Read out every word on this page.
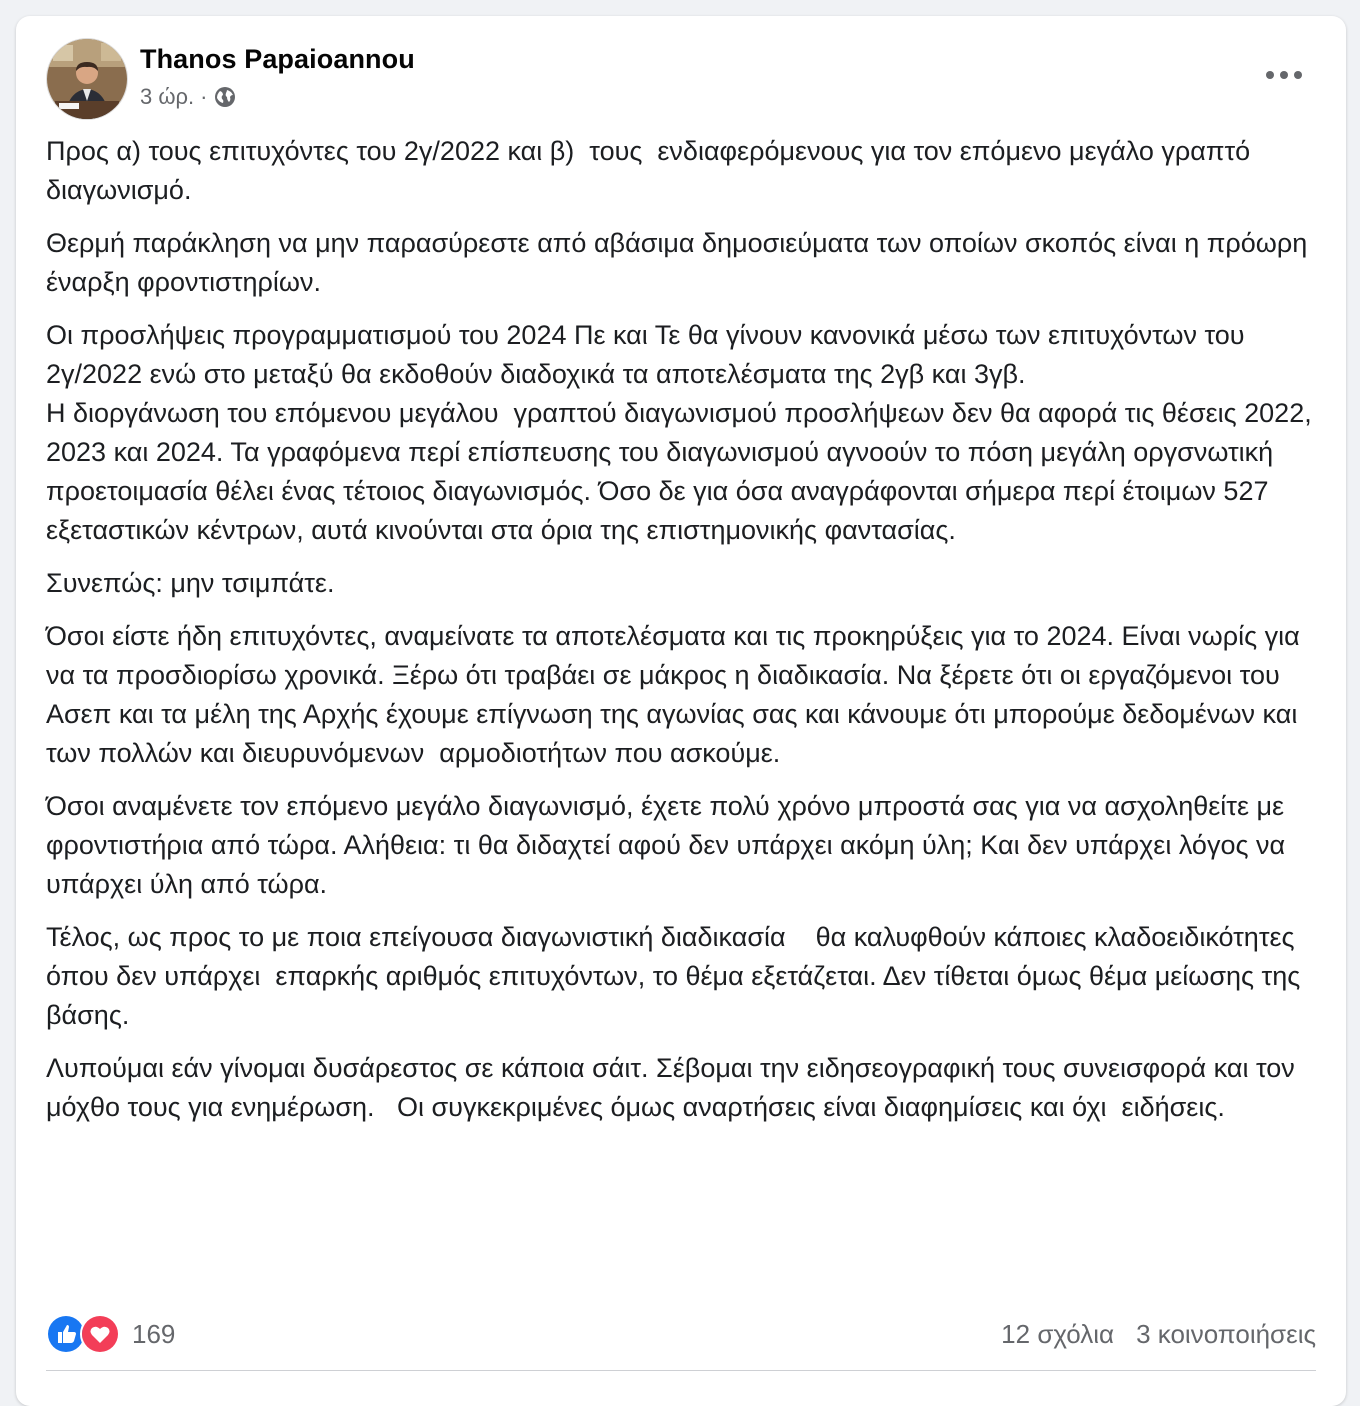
Thanos Papaioannou
3 ώρ. ·

Προς α) τους επιτυχόντες του 2γ/2022 και β)  τους  ενδιαφερόμενους για τον επόμενο μεγάλο γραπτό διαγωνισμό.

Θερμή παράκληση να μην παρασύρεστε από αβάσιμα δημοσιεύματα των οποίων σκοπός είναι η πρόωρη έναρξη φροντιστηρίων.

Οι προσλήψεις προγραμματισμού του 2024 Πε και Τε θα γίνουν κανονικά μέσω των επιτυχόντων του 2γ/2022 ενώ στο μεταξύ θα εκδοθούν διαδοχικά τα αποτελέσματα της 2γβ και 3γβ.
Η διοργάνωση του επόμενου μεγάλου  γραπτού διαγωνισμού προσλήψεων δεν θα αφορά τις θέσεις 2022, 2023 και 2024. Τα γραφόμενα περί επίσπευσης του διαγωνισμού αγνοούν το πόση μεγάλη οργσνωτική προετοιμασία θέλει ένας τέτοιος διαγωνισμός. Όσο δε για όσα αναγράφονται σήμερα περί έτοιμων 527 εξεταστικών κέντρων, αυτά κινούνται στα όρια της επιστημονικής φαντασίας.

Συνεπώς: μην τσιμπάτε.

Όσοι είστε ήδη επιτυχόντες, αναμείνατε τα αποτελέσματα και τις προκηρύξεις για το 2024. Είναι νωρίς για να τα προσδιορίσω χρονικά. Ξέρω ότι τραβάει σε μάκρος η διαδικασία. Να ξέρετε ότι οι εργαζόμενοι του Ασεπ και τα μέλη της Αρχής έχουμε επίγνωση της αγωνίας σας και κάνουμε ότι μπορούμε δεδομένων και των πολλών και διευρυνόμενων  αρμοδιοτήτων που ασκούμε.

Όσοι αναμένετε τον επόμενο μεγάλο διαγωνισμό, έχετε πολύ χρόνο μπροστά σας για να ασχοληθείτε με φροντιστήρια από τώρα. Αλήθεια: τι θα διδαχτεί αφού δεν υπάρχει ακόμη ύλη; Και δεν υπάρχει λόγος να υπάρχει ύλη από τώρα.

Τέλος, ως προς το με ποια επείγουσα διαγωνιστική διαδικασία    θα καλυφθούν κάποιες κλαδοειδικότητες όπου δεν υπάρχει  επαρκής αριθμός επιτυχόντων, το θέμα εξετάζεται. Δεν τίθεται όμως θέμα μείωσης της βάσης.

Λυπούμαι εάν γίνομαι δυσάρεστος σε κάποια σάιτ. Σέβομαι την ειδησεογραφική τους συνεισφορά και τον μόχθο τους για ενημέρωση.   Οι συγκεκριμένες όμως αναρτήσεις είναι διαφημίσεις και όχι  ειδήσεις.

169	12 σχόλια 3 κοινοποιήσεις
